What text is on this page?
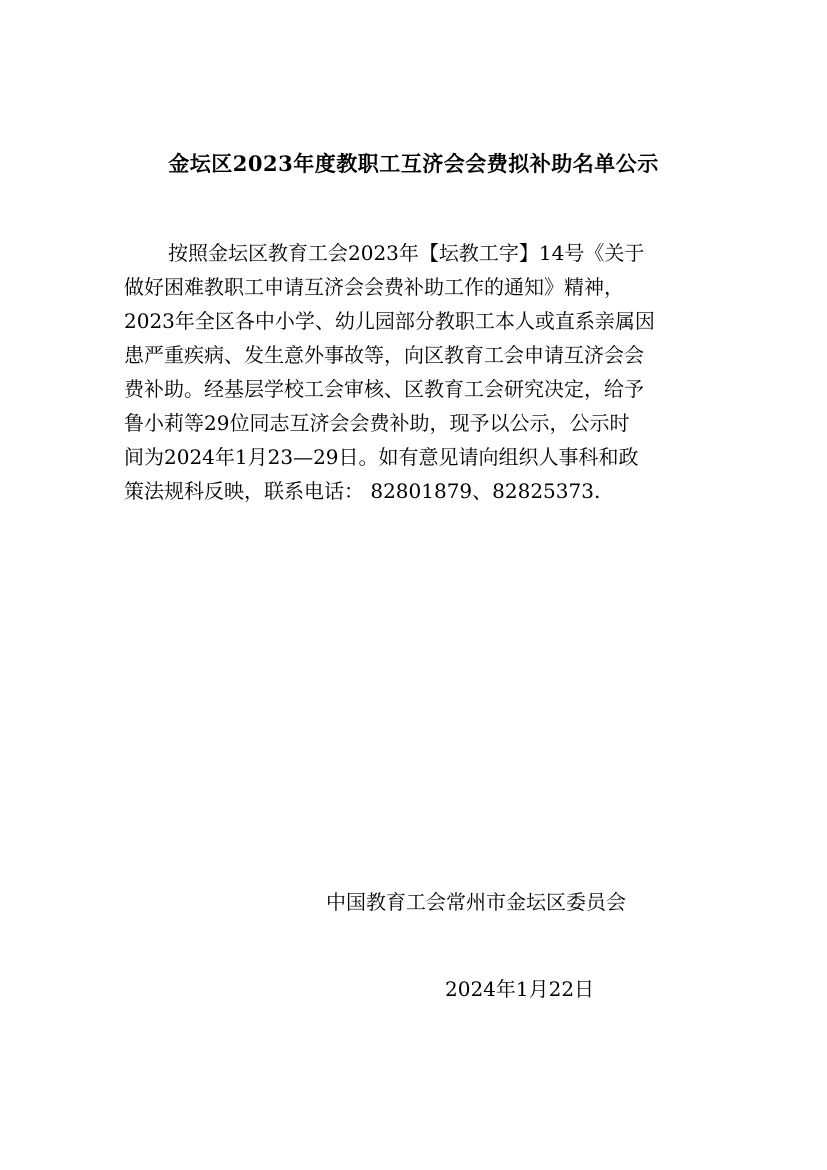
金坛区2023年度教职工互济会会费拟补助名单公示
按照金坛区教育工会2023年【坛教工字】14号《关于
做好困难教职工申请互济会会费补助工作的通知》精神，
2023年全区各中小学、幼儿园部分教职工本人或直系亲属因
患严重疾病、发生意外事故等，向区教育工会申请互济会会
费补助。经基层学校工会审核、区教育工会研究决定，给予
鲁小莉等29位同志互济会会费补助，现予以公示，公示时
间为2024年1月23—29日。如有意见请向组织人事科和政
策法规科反映，联系电话： 82801879、82825373.
中国教育工会常州市金坛区委员会
2024年1月22日
